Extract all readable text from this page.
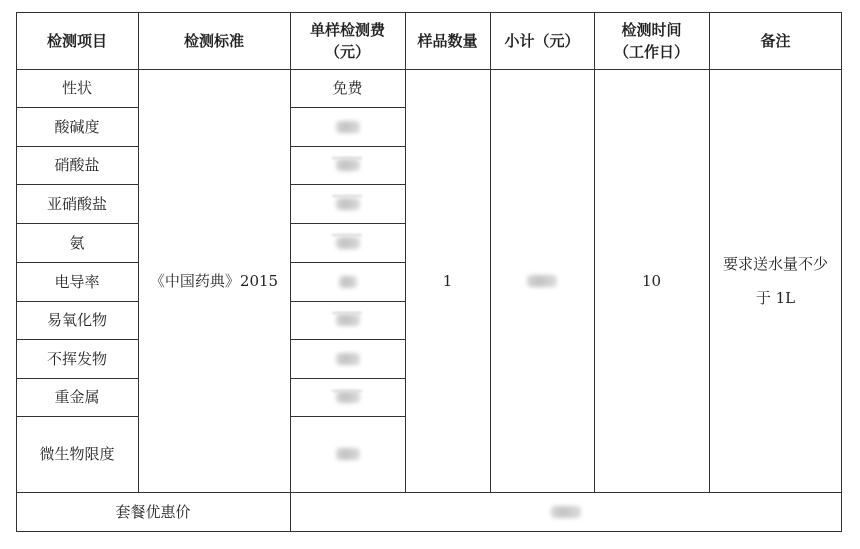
检测项目	检测标准
单样检测费
（元）
样品数量 小计（元）
检测时间
（工作日）
备注
性状
酸碱度
硝酸盐
亚硝酸盐
氨
电导率
易氧化物
不挥发物
重金属
微生物限度
《中国药典》2015
免费
1	10
要求送水量不少
于 1L
套餐优惠价
